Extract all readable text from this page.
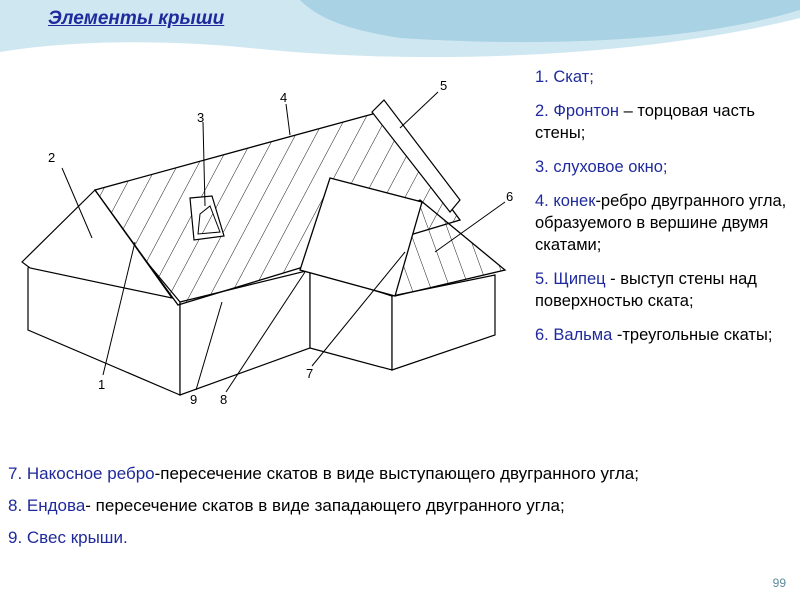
Элементы крыши
1
2
3
4
5
6
7
8
9

1. Скат;

2. Фронтон – торцовая часть стены;

3. слуховое окно;

4. конек-ребро двугранного угла, образуемого в вершине двумя скатами;

5. Щипец - выступ стены над поверхностью ската;

6. Вальма -треугольные скаты;

7. Накосное ребро-пересечение скатов в виде выступающего двугранного угла;

8. Ендова- пересечение скатов в виде западающего двугранного угла;

9. Свес крыши.

99
